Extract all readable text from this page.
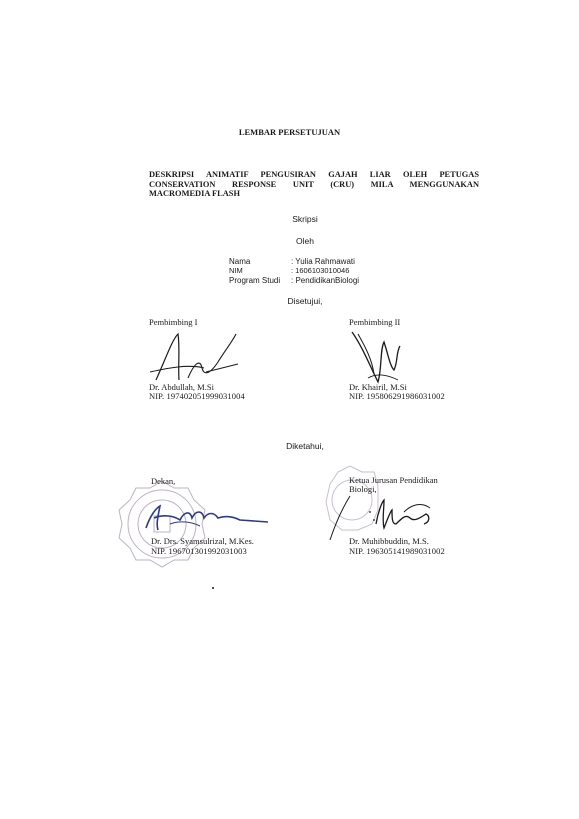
LEMBAR PERSETUJUAN
DESKRIPSI ANIMATIF PENGUSIRAN GAJAH LIAR OLEH PETUGAS
CONSERVATION RESPONSE UNIT (CRU) MILA MENGGUNAKAN
MACROMEDIA FLASH
Skripsi
Oleh
Nama	: Yulia Rahmawati
NIM	: 1606103010046
Program Studi : PendidikanBiologi
Disetujui,
Pembimbing I
Dr. Abdullah, M.Si
NIP. 197402051999031004
Pembimbing II
Dr. Khairil, M.Si
NIP. 195806291986031002
Diketahui,
Dekan,
Dr. Drs. Syamsulrizal, M.Kes.
NIP. 196701301992031003
Ketua Jurusan Pendidikan
Biologi,
Dr. Muhibbuddin, M.S.
NIP. 196305141989031002
